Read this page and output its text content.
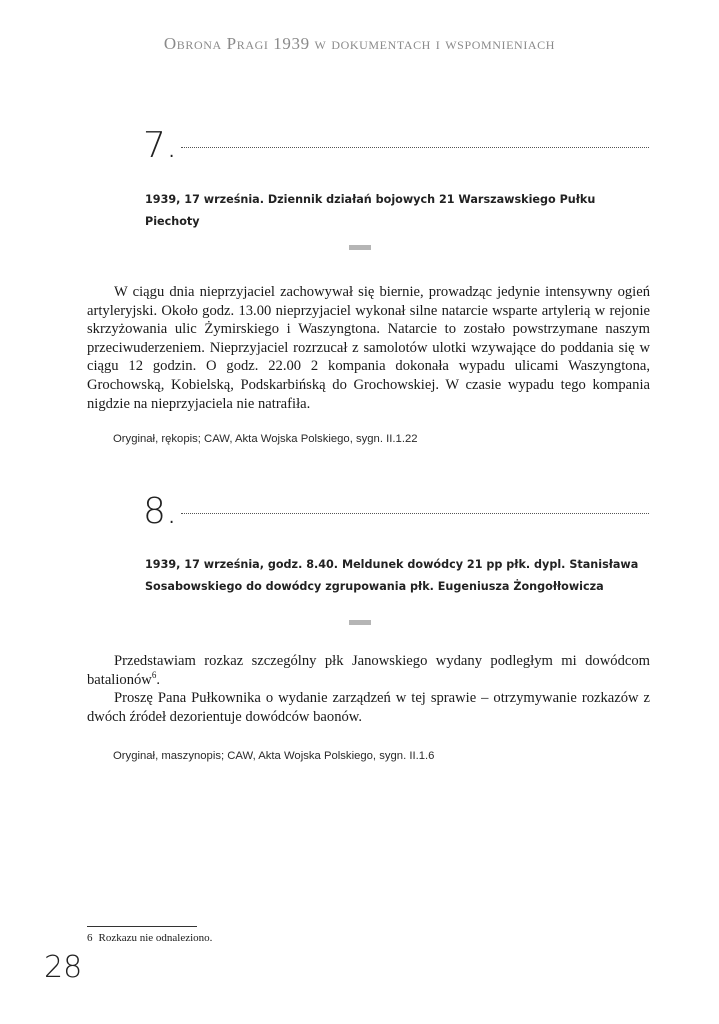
Obrona Pragi 1939 w dokumentach i wspomnieniach
7.
1939, 17 września. Dziennik działań bojowych 21 Warszawskiego Pułku Piechoty

W ciągu dnia nieprzyjaciel zachowywał się biernie, prowadząc jedynie intensywny ogień artyleryjski. Około godz. 13.00 nieprzyjaciel wykonał silne natarcie wsparte artylerią w rejonie skrzyżowania ulic Żymirskiego i Waszyngtona. Natarcie to zostało powstrzymane naszym przeciwuderzeniem. Nieprzyjaciel rozrzucał z samolotów ulotki wzywające do poddania się w ciągu 12 godzin. O godz. 22.00 2 kompania dokonała wypadu ulicami Waszyngtona, Grochowską, Kobielską, Podskarbińską do Grochowskiej. W czasie wypadu tego kompania nigdzie na nieprzyjaciela nie natrafiła.

Oryginał, rękopis; CAW, Akta Wojska Polskiego, sygn. II.1.22
8.
1939, 17 września, godz. 8.40. Meldunek dowódcy 21 pp płk. dypl. Stanisława Sosabowskiego do dowódcy zgrupowania płk. Eugeniusza Żongołłowicza

Przedstawiam rozkaz szczególny płk Janowskiego wydany podległym mi dowódcom batalionów$^6$.

Proszę Pana Pułkownika o wydanie zarządzeń w tej sprawie – otrzymywanie rozkazów z dwóch źródeł dezorientuje dowódców baonów.

Oryginał, maszynopis; CAW, Akta Wojska Polskiego, sygn. II.1.6
6 Rozkazu nie odnaleziono.
28
